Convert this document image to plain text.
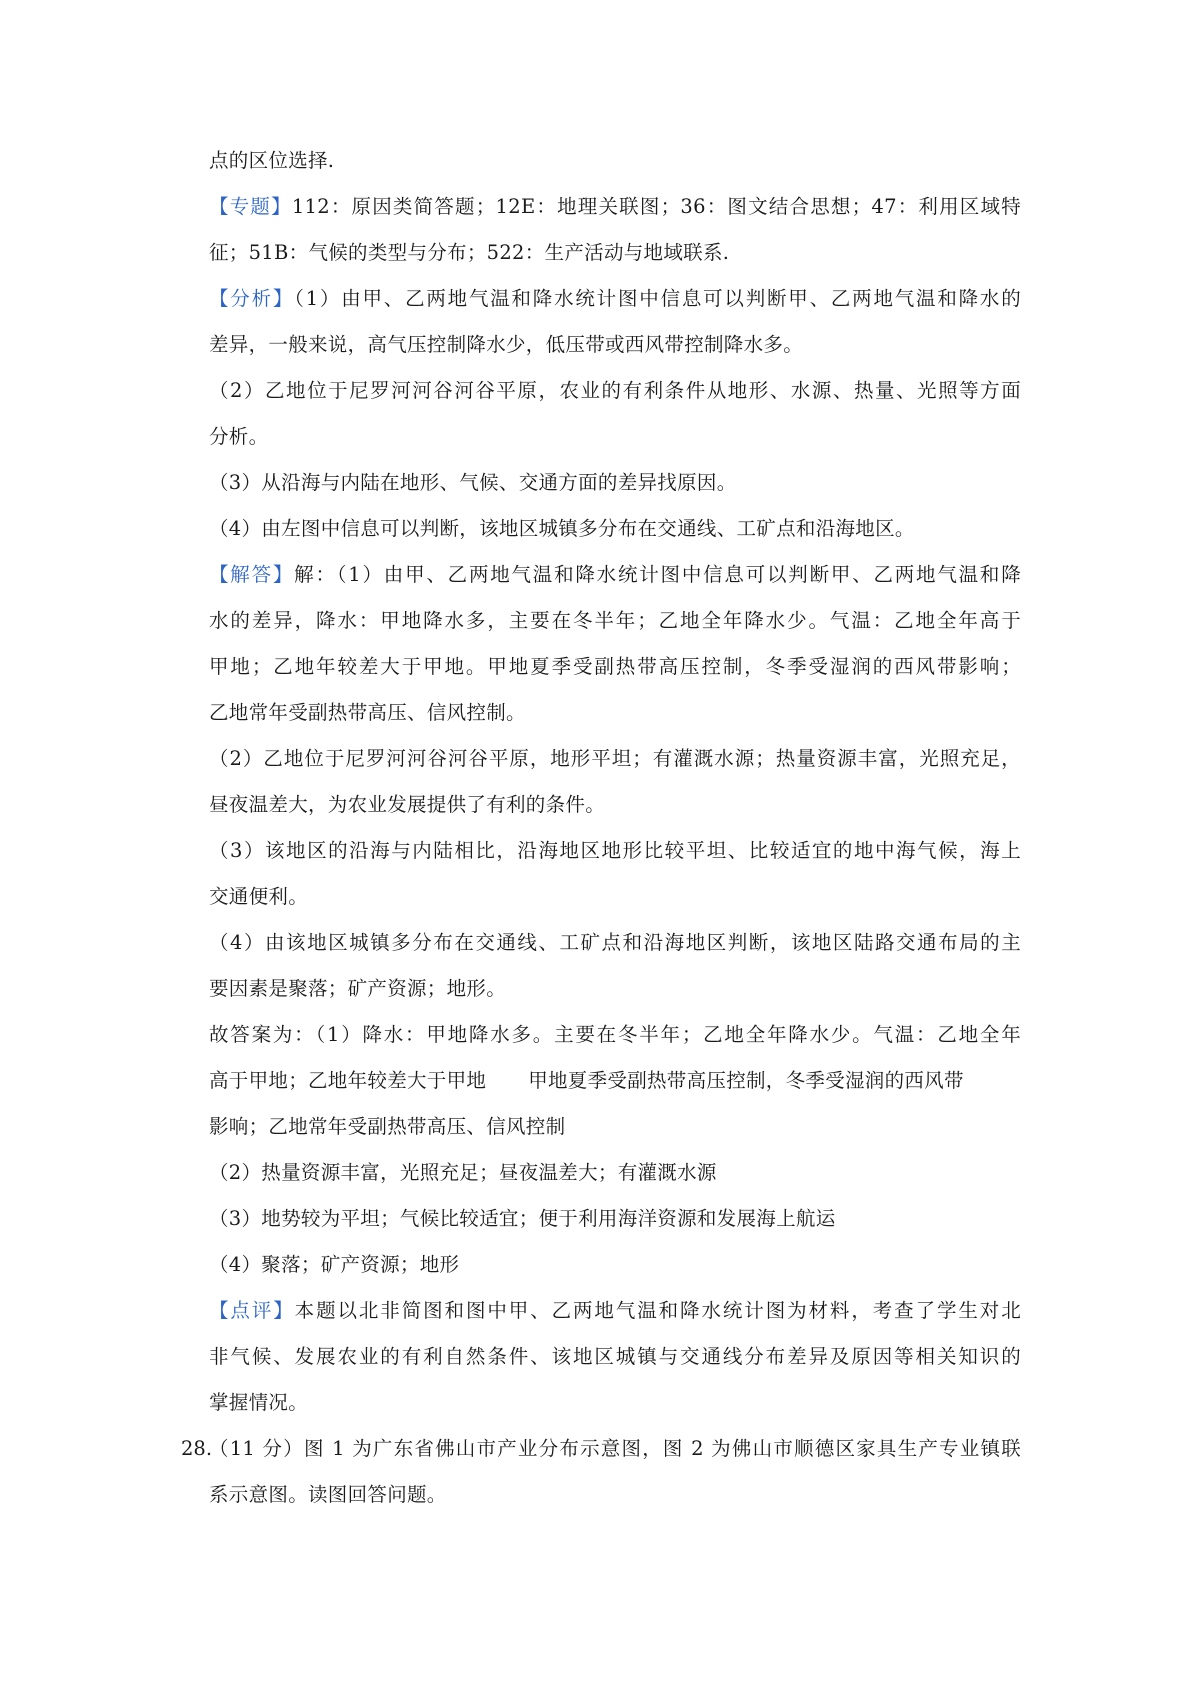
点的区位选择.
【专题】112：原因类简答题；12E：地理关联图；36：图文结合思想；47：利用区域特
征；51B：气候的类型与分布；522：生产活动与地域联系.
【分析】（1）由甲、乙两地气温和降水统计图中信息可以判断甲、乙两地气温和降水的
差异，一般来说，高气压控制降水少，低压带或西风带控制降水多。
（2）乙地位于尼罗河河谷河谷平原，农业的有利条件从地形、水源、热量、光照等方面
分析。
（3）从沿海与内陆在地形、气候、交通方面的差异找原因。
（4）由左图中信息可以判断，该地区城镇多分布在交通线、工矿点和沿海地区。
【解答】解：（1）由甲、乙两地气温和降水统计图中信息可以判断甲、乙两地气温和降
水的差异，降水：甲地降水多，主要在冬半年；乙地全年降水少。气温：乙地全年高于
甲地；乙地年较差大于甲地。甲地夏季受副热带高压控制，冬季受湿润的西风带影响；
乙地常年受副热带高压、信风控制。
（2）乙地位于尼罗河河谷河谷平原，地形平坦；有灌溉水源；热量资源丰富，光照充足，
昼夜温差大，为农业发展提供了有利的条件。
（3）该地区的沿海与内陆相比，沿海地区地形比较平坦、比较适宜的地中海气候，海上
交通便利。
（4）由该地区城镇多分布在交通线、工矿点和沿海地区判断，该地区陆路交通布局的主
要因素是聚落；矿产资源；地形。
故答案为：（1）降水：甲地降水多。主要在冬半年；乙地全年降水少。气温：乙地全年
高于甲地；乙地年较差大于甲地 甲地夏季受副热带高压控制，冬季受湿润的西风带
影响；乙地常年受副热带高压、信风控制
（2）热量资源丰富，光照充足；昼夜温差大；有灌溉水源
（3）地势较为平坦；气候比较适宜；便于利用海洋资源和发展海上航运
（4）聚落；矿产资源；地形
【点评】本题以北非简图和图中甲、乙两地气温和降水统计图为材料，考查了学生对北
非气候、发展农业的有利自然条件、该地区城镇与交通线分布差异及原因等相关知识的
掌握情况。
28.
（11 分）图 1 为广东省佛山市产业分布示意图，图 2 为佛山市顺德区家具生产专业镇联
系示意图。读图回答问题。
